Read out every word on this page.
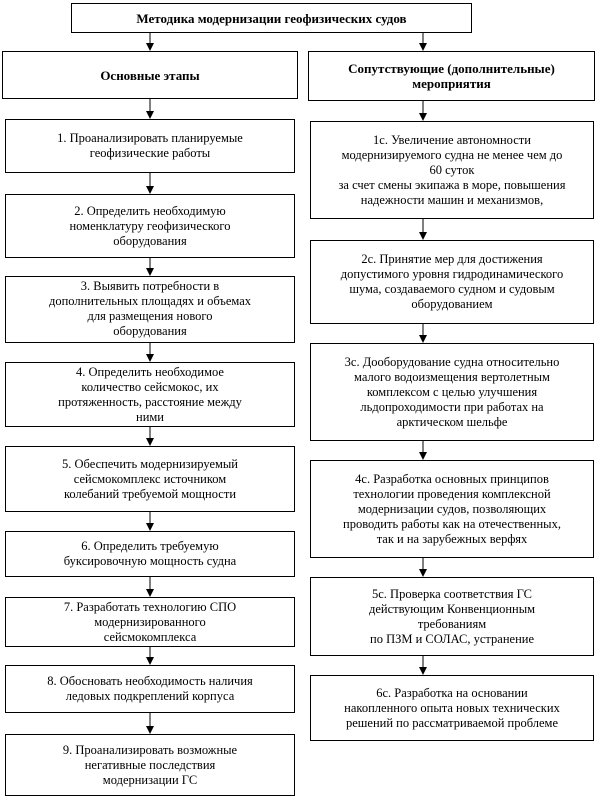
Методика модернизации геофизических судов
Основные этапы	Сопутствующие (дополнительные)
мероприятия
1. Проанализировать планируемые
геофизические работы
2. Определить необходимую
номенклатуру геофизического
оборудования
3. Выявить потребности в
дополнительных площадях и объемах
для размещения нового
оборудования
4. Определить необходимое
количество сейсмокос, их
протяженность, расстояние между
ними
5. Обеспечить модернизируемый
сейсмокомплекс источником
колебаний требуемой мощности
6. Определить требуемую
буксировочную мощность судна
7. Разработать технологию СПО
модернизированного
сейсмокомплекса
8. Обосновать необходимость наличия
ледовых подкреплений корпуса
9. Проанализировать возможные
негативные последствия
модернизации ГС
1с. Увеличение автономности
модернизируемого судна не менее чем до
60 суток
за счет смены экипажа в море, повышения
надежности машин и механизмов,
2с. Принятие мер для достижения
допустимого уровня гидродинамического
шума, создаваемого судном и судовым
оборудованием
3с. Дооборудование судна относительно
малого водоизмещения вертолетным
комплексом с целью улучшения
льдопроходимости при работах на
арктическом шельфе
4с. Разработка основных принципов
технологии проведения комплексной
модернизации судов, позволяющих
проводить работы как на отечественных,
так и на зарубежных верфях
5с. Проверка соответствия ГС
действующим Конвенционным
требованиям
по ПЗМ и СОЛАС, устранение
6с. Разработка на основании
накопленного опыта новых технических
решений по рассматриваемой проблеме
